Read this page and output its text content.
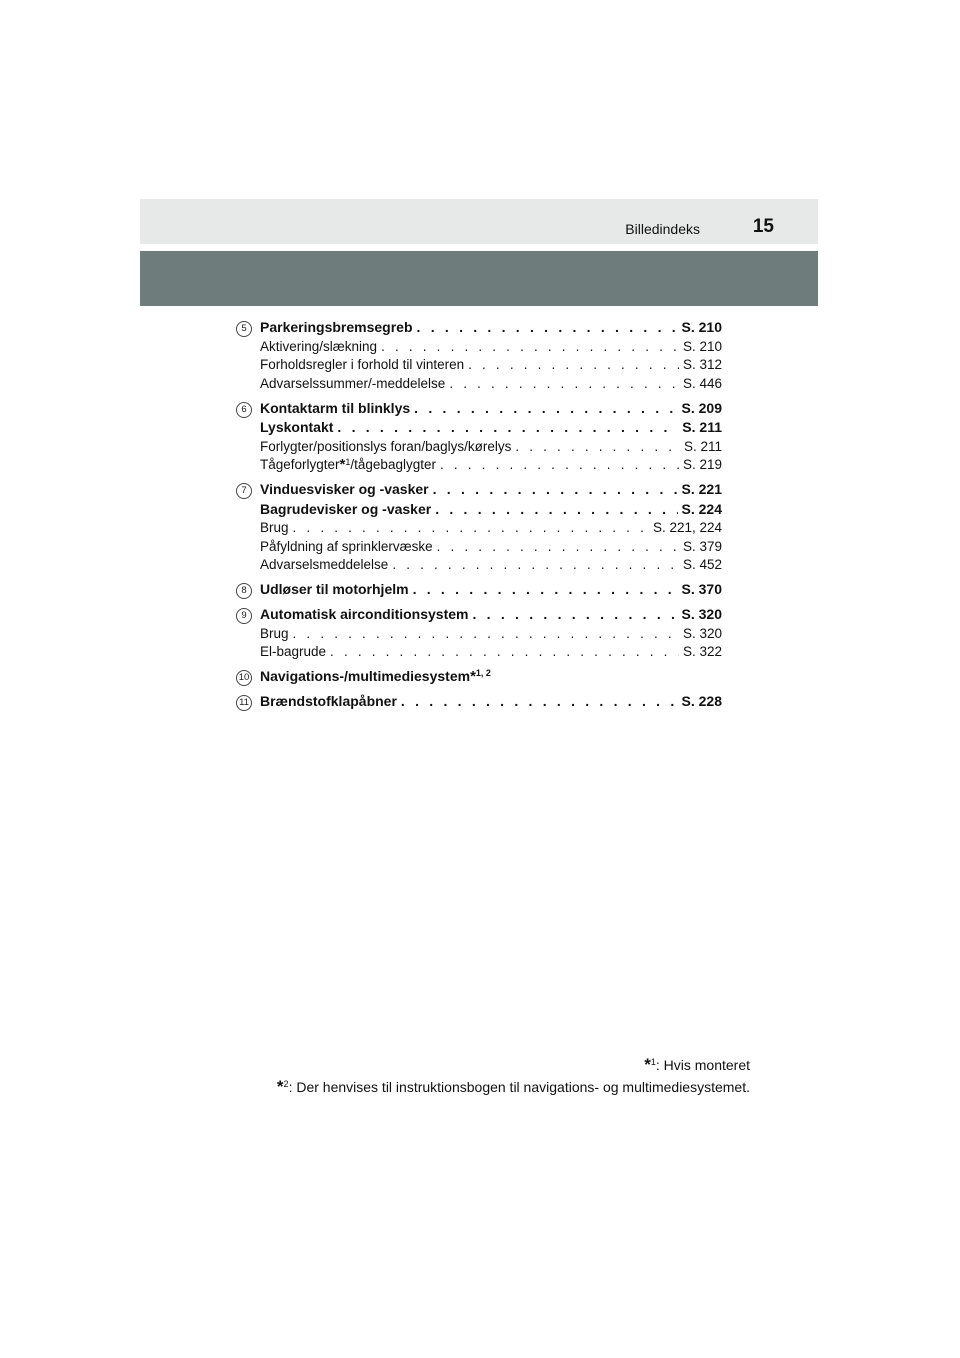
Billedindeks	15
5 Parkeringsbremsegreb . . .	S. 210
Aktivering/slækning . . .	S. 210
Forholdsregler i forhold til vinteren . . .	S. 312
Advarselssummer/-meddelelse . . .	S. 446
6 Kontaktarm til blinklys . . .	S. 209
Lyskontakt . . .	S. 211
Forlygter/positionslys foran/baglys/kørelys . . .	S. 211
Tågeforlygter*$^1$/tågebaglygter . . .	S. 219
7 Vinduesvisker og -vasker . . .	S. 221
Bagrudevisker og -vasker . . .	S. 224
Brug . . .	S. 221, 224
Påfyldning af sprinklervæske . . .	S. 379
Advarselsmeddelelse . . .	S. 452
8 Udløser til motorhjelm . . .	S. 370
9 Automatisk airconditionsystem . . .	S. 320
Brug . . .	S. 320
El-bagrude . . .	S. 322
10 Navigations-/multimediesystem*$^{1, 2}$
11 Brændstofklapåbner . . .	S. 228
*$^1$: Hvis monteret
*$^2$: Der henvises til instruktionsbogen til navigations- og multimediesystemet.
